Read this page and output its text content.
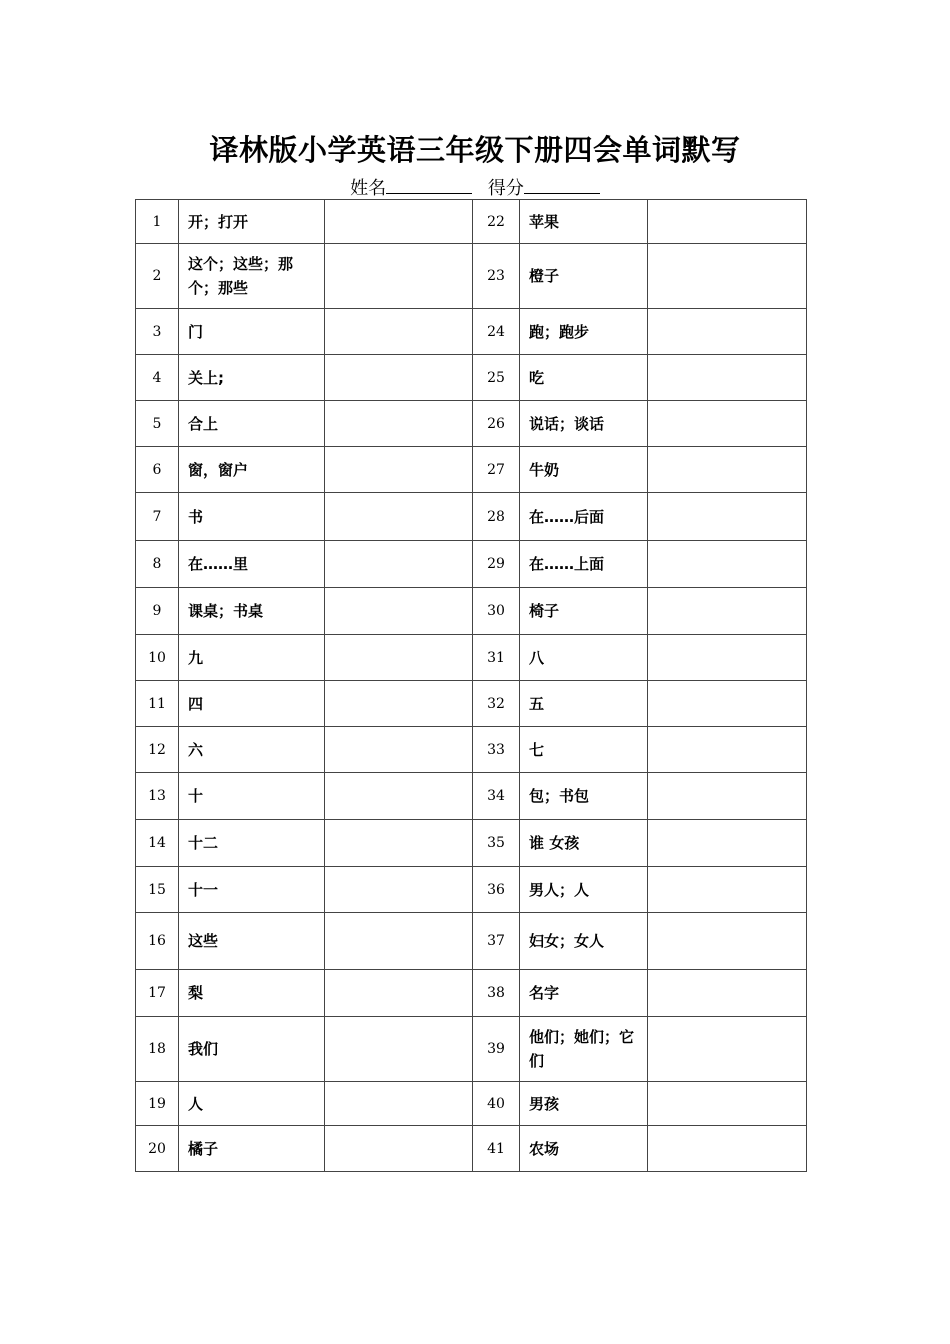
译林版小学英语三年级下册四会单词默写
姓名	得分
1	开；打开		22	苹果	
2	这个；这些；那个；那些		23	橙子	
3	门		24	跑；跑步	
4	关上;		25	吃	
5	合上		26	说话；谈话	
6	窗，窗户		27	牛奶	
7	书		28	在……后面	
8	在……里		29	在……上面	
9	课桌；书桌		30	椅子	
10	九		31	八	
11	四		32	五	
12	六		33	七	
13	十		34	包；书包	
14	十二		35	谁 女孩	
15	十一		36	男人；人	
16	这些		37	妇女；女人	
17	梨		38	名字	
18	我们		39	他们；她们；它们	
19	人		40	男孩	
20	橘子		41	农场	
